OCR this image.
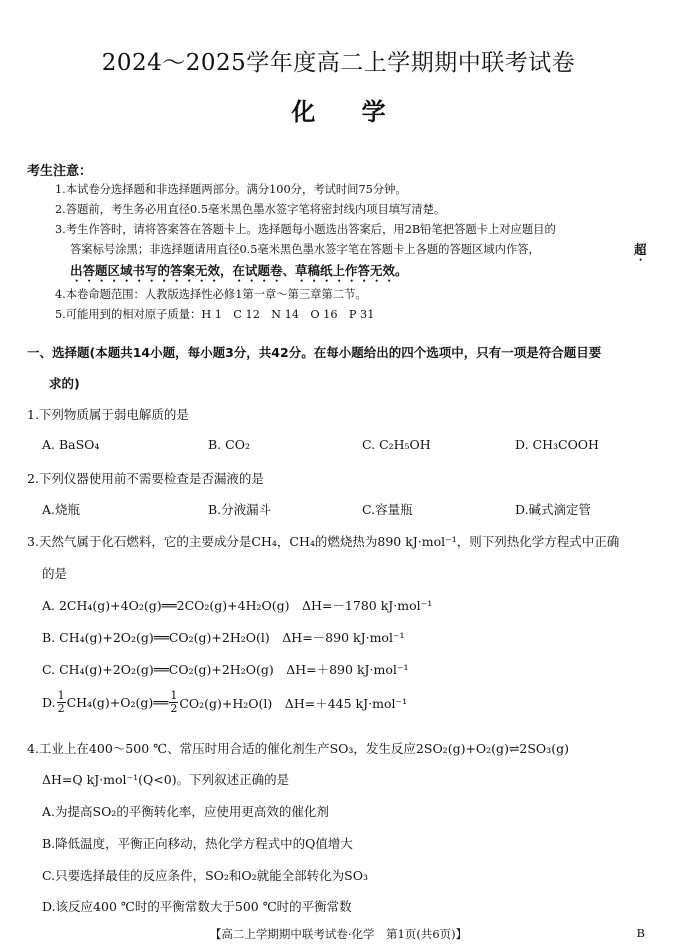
2024～2025学年度高二上学期期中联考试卷
化 学
考生注意：
1.本试卷分选择题和非选择题两部分。满分100分，考试时间75分钟。
2.答题前，考生务必用直径0.5毫米黑色墨水签字笔将密封线内项目填写清楚。
3.考生作答时，请将答案答在答题卡上。选择题每小题选出答案后，用2B铅笔把答题卡上对应题目的
答案标号涂黑；非选择题请用直径0.5毫米黑色墨水签字笔在答题卡上各题的答题区域内作答，	超
出答题区域书写的答案无效，在试题卷、草稿纸上作答无效。
4.本卷命题范围：人教版选择性必修1第一章～第三章第二节。
5.可能用到的相对原子质量：H 1　C 12　N 14　O 16　P 31
一、选择题(本题共14小题，每小题3分，共42分。在每小题给出的四个选项中，只有一项是符合题目要
求的)
1.下列物质属于弱电解质的是
A. BaSO₄	B. CO₂	C. C₂H₅OH	D. CH₃COOH
2.下列仪器使用前不需要检查是否漏液的是
A.烧瓶	B.分液漏斗	C.容量瓶	D.碱式滴定管
3.天然气属于化石燃料，它的主要成分是CH₄，CH₄的燃烧热为890 kJ·mol⁻¹，则下列热化学方程式中正确
的是
A. 2CH₄(g)+4O₂(g)══2CO₂(g)+4H₂O(g)　ΔH=－1780 kJ·mol⁻¹
B. CH₄(g)+2O₂(g)══CO₂(g)+2H₂O(l)　ΔH=－890 kJ·mol⁻¹
C. CH₄(g)+2O₂(g)══CO₂(g)+2H₂O(g)　ΔH=＋890 kJ·mol⁻¹
D. $\frac{1}{2}$ CH₄(g)+O₂(g)══ $\frac{1}{2} CO_2(g)+H_2O(l)$　ΔH=＋445 kJ·mol⁻¹
4.工业上在400～500 ℃、常压时用合适的催化剂生产SO₃，发生反应2SO₂(g)+O₂(g)⇌2SO₃(g)
ΔH=Q kJ·mol⁻¹(Q<0)。下列叙述正确的是
A.为提高SO₂的平衡转化率，应使用更高效的催化剂
B.降低温度，平衡正向移动，热化学方程式中的Q值增大
C.只要选择最佳的反应条件，SO₂和O₂就能全部转化为SO₃
D.该反应400 ℃时的平衡常数大于500 ℃时的平衡常数
【高二上学期期中联考试卷·化学　第1页(共6页)】	B
